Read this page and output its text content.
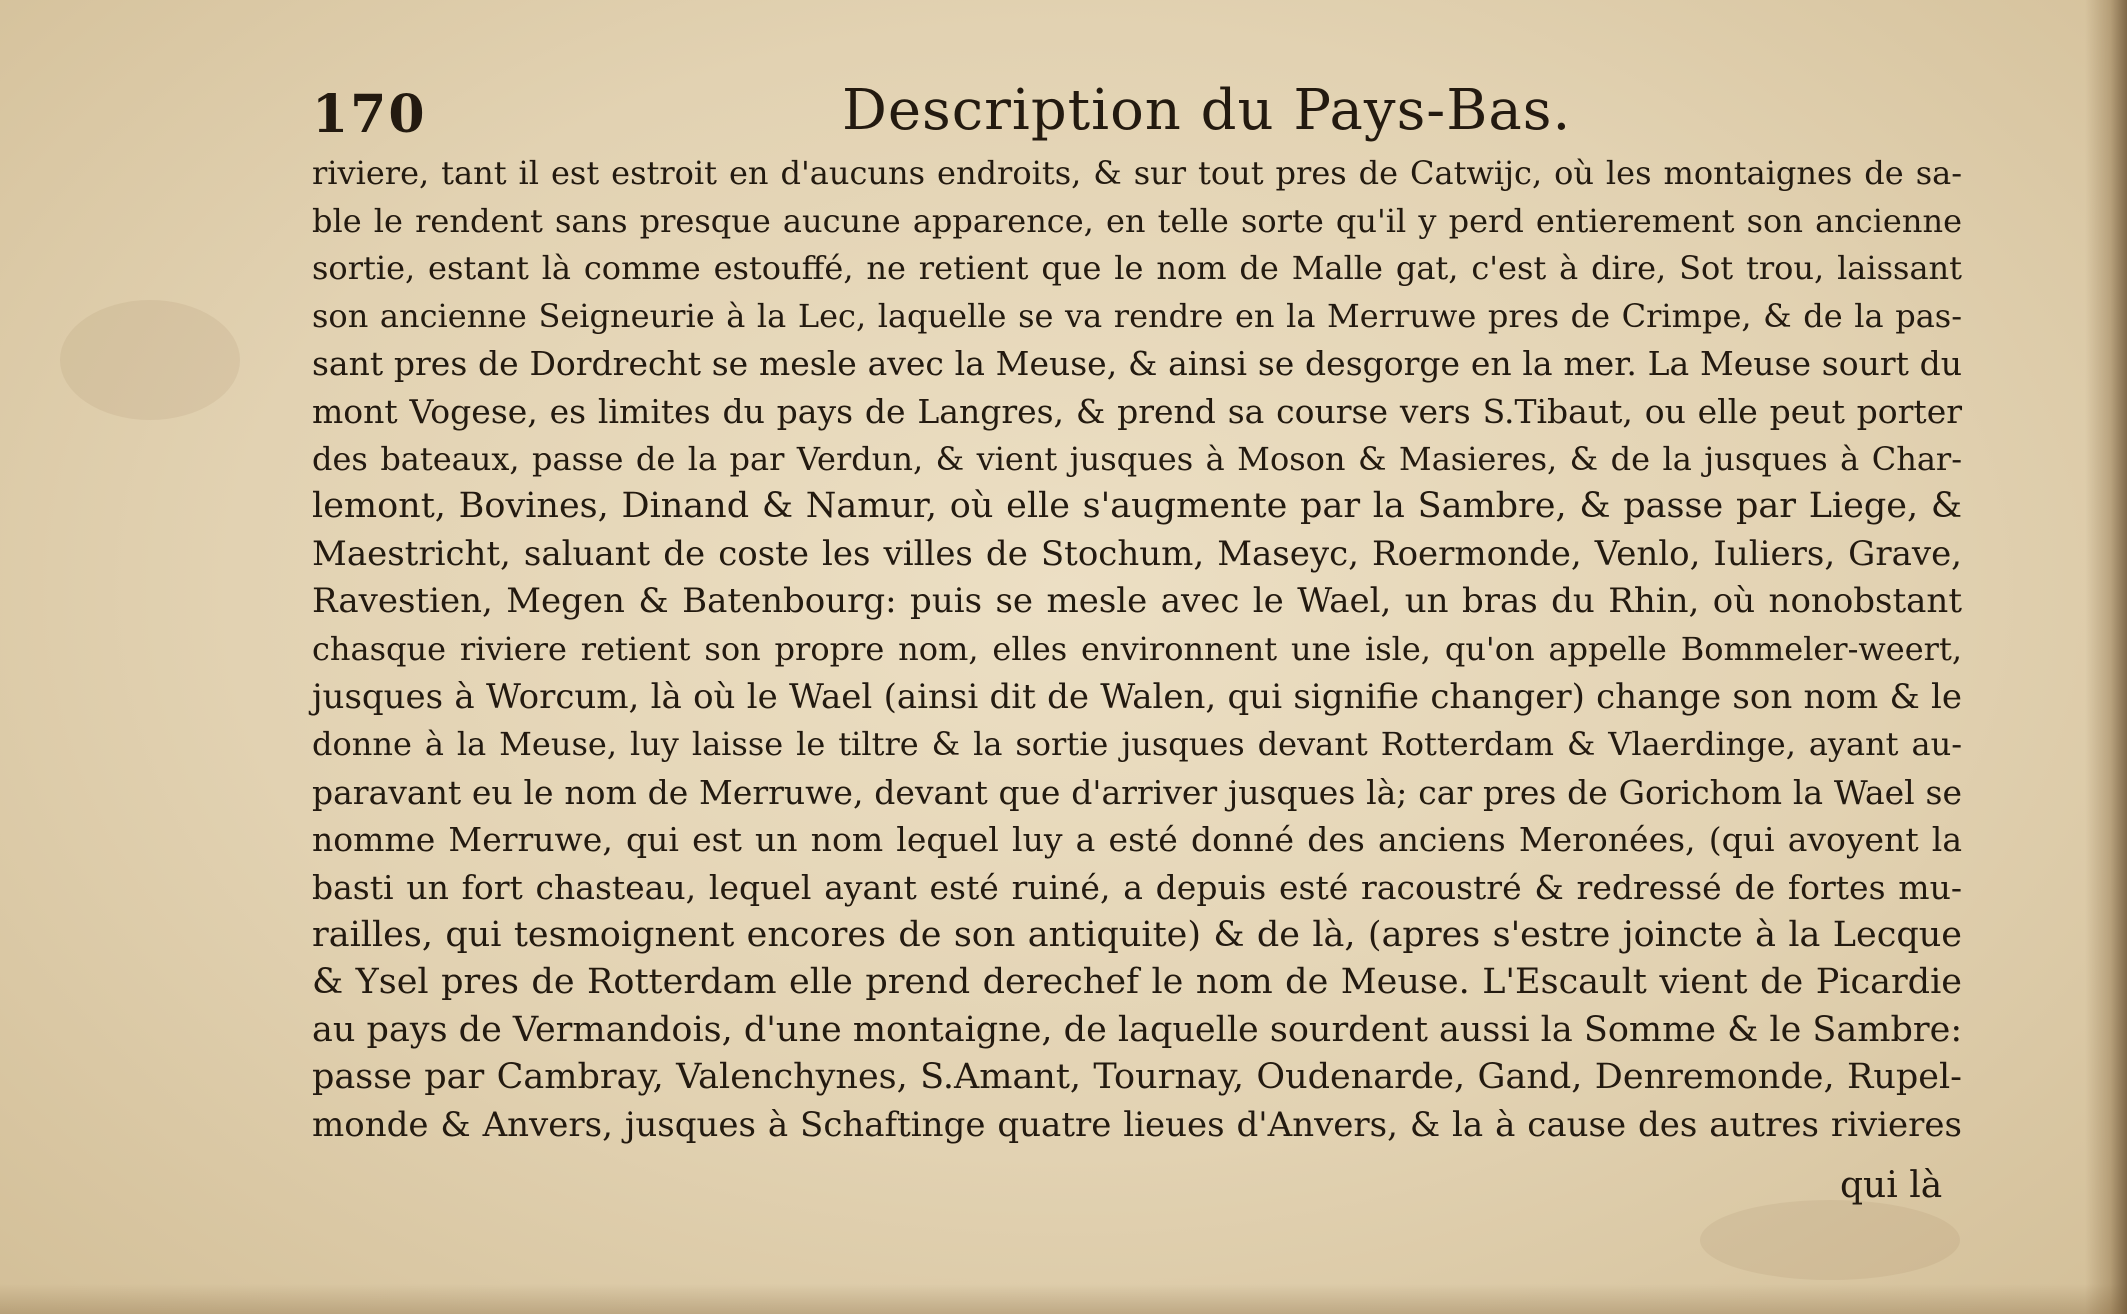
170	Description du Pays-Bas.
riviere, tant il est estroit en d'aucuns endroits, & sur tout pres de Catwijc, où les montaignes de sa-
ble le rendent sans presque aucune apparence, en telle sorte qu'il y perd entierement son ancienne
sortie, estant là comme estouffé, ne retient que le nom de Malle gat, c'est à dire, Sot trou, laissant
son ancienne Seigneurie à la Lec, laquelle se va rendre en la Merruwe pres de Crimpe, & de la pas-
sant pres de Dordrecht se mesle avec la Meuse, & ainsi se desgorge en la mer. La Meuse sourt du
mont Vogese, es limites du pays de Langres, & prend sa course vers S.Tibaut, ou elle peut porter
des bateaux, passe de la par Verdun, & vient jusques à Moson & Masieres, & de la jusques à Char-
lemont, Bovines, Dinand & Namur, où elle s'augmente par la Sambre, & passe par Liege, &
Maestricht, saluant de coste les villes de Stochum, Maseyc, Roermonde, Venlo, Iuliers, Grave,
Ravestien, Megen & Batenbourg: puis se mesle avec le Wael, un bras du Rhin, où nonobstant
chasque riviere retient son propre nom, elles environnent une isle, qu'on appelle Bommeler-weert,
jusques à Worcum, là où le Wael (ainsi dit de Walen, qui signifie changer) change son nom & le
donne à la Meuse, luy laisse le tiltre & la sortie jusques devant Rotterdam & Vlaerdinge, ayant au-
paravant eu le nom de Merruwe, devant que d'arriver jusques là; car pres de Gorichom la Wael se
nomme Merruwe, qui est un nom lequel luy a esté donné des anciens Meronées, (qui avoyent la
basti un fort chasteau, lequel ayant esté ruiné, a depuis esté racoustré & redressé de fortes mu-
railles, qui tesmoignent encores de son antiquite) & de là, (apres s'estre joincte à la Lecque
& Ysel pres de Rotterdam elle prend derechef le nom de Meuse. L'Escault vient de Picardie
au pays de Vermandois, d'une montaigne, de laquelle sourdent aussi la Somme & le Sambre:
passe par Cambray, Valenchynes, S.Amant, Tournay, Oudenarde, Gand, Denremonde, Rupel-
monde & Anvers, jusques à Schaftinge quatre lieues d'Anvers, & la à cause des autres rivieres
qui là
